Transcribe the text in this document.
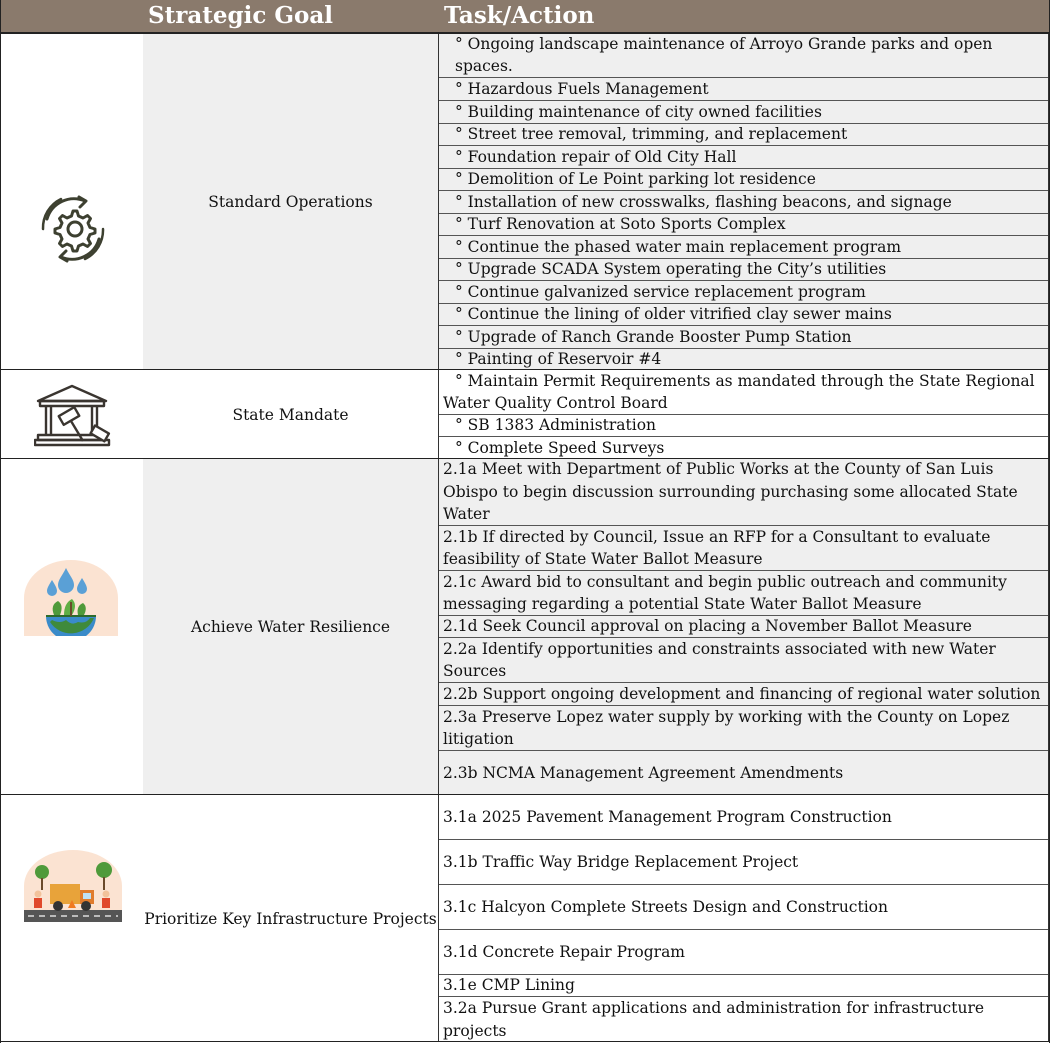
Strategic Goal	Task/Action
Standard Operations
° Ongoing landscape maintenance of Arroyo Grande parks and open spaces.
° Hazardous Fuels Management
° Building maintenance of city owned facilities
° Street tree removal, trimming, and replacement
° Foundation repair of Old City Hall
° Demolition of Le Point parking lot residence
° Installation of new crosswalks, flashing beacons, and signage
° Turf Renovation at Soto Sports Complex
° Continue the phased water main replacement program
° Upgrade SCADA System operating the City’s utilities
° Continue galvanized service replacement program
° Continue the lining of older vitrified clay sewer mains
° Upgrade of Ranch Grande Booster Pump Station
° Painting of Reservoir #4
State Mandate
° Maintain Permit Requirements as mandated through the State Regional Water Quality Control Board
° SB 1383 Administration
° Complete Speed Surveys
Achieve Water Resilience
2.1a Meet with Department of Public Works at the County of San Luis Obispo to begin discussion surrounding purchasing some allocated State Water
2.1b If directed by Council, Issue an RFP for a Consultant to evaluate feasibility of State Water Ballot Measure
2.1c Award bid to consultant and begin public outreach and community messaging regarding a potential State Water Ballot Measure
2.1d Seek Council approval on placing a November Ballot Measure
2.2a Identify opportunities and constraints associated with new Water Sources
2.2b Support ongoing development and financing of regional water solution
2.3a Preserve Lopez water supply by working with the County on Lopez litigation
2.3b NCMA Management Agreement Amendments
Prioritize Key Infrastructure Projects
3.1a 2025 Pavement Management Program Construction
3.1b Traffic Way Bridge Replacement Project
3.1c Halcyon Complete Streets Design and Construction
3.1d Concrete Repair Program
3.1e CMP Lining
3.2a Pursue Grant applications and administration for infrastructure projects
